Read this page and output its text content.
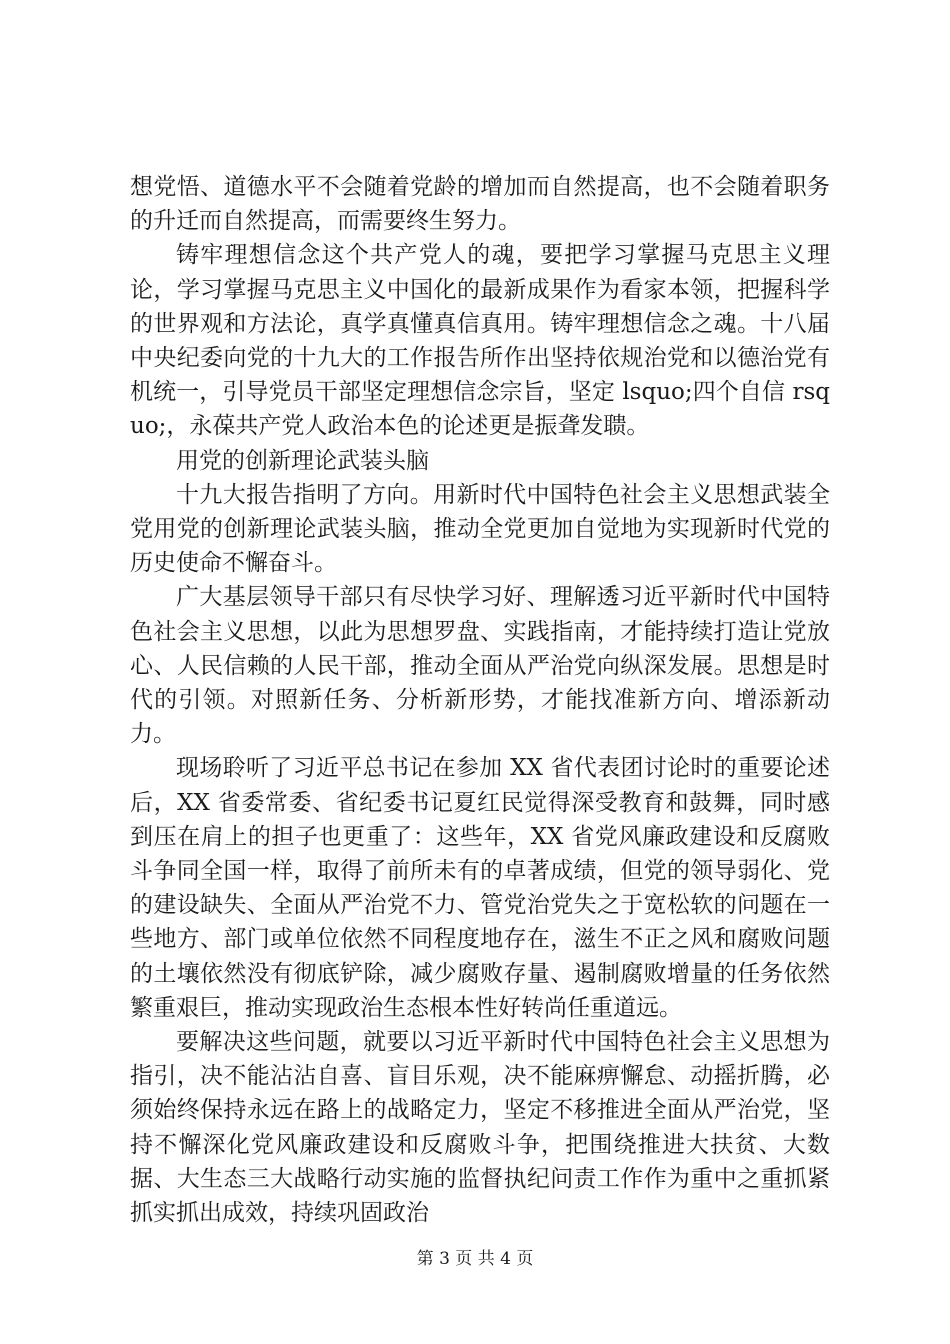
想党悟、道德水平不会随着党龄的增加而自然提高，也不会随着职务的升迁而自然提高，而需要终生努力。

铸牢理想信念这个共产党人的魂，要把学习掌握马克思主义理论，学习掌握马克思主义中国化的最新成果作为看家本领，把握科学的世界观和方法论，真学真懂真信真用。铸牢理想信念之魂。十八届中央纪委向党的十九大的工作报告所作出坚持依规治党和以德治党有机统一，引导党员干部坚定理想信念宗旨，坚定 lsquo;四个自信 rsquo;，永葆共产党人政治本色的论述更是振聋发聩。

用党的创新理论武装头脑

十九大报告指明了方向。用新时代中国特色社会主义思想武装全党用党的创新理论武装头脑，推动全党更加自觉地为实现新时代党的历史使命不懈奋斗。

广大基层领导干部只有尽快学习好、理解透习近平新时代中国特色社会主义思想，以此为思想罗盘、实践指南，才能持续打造让党放心、人民信赖的人民干部，推动全面从严治党向纵深发展。思想是时代的引领。对照新任务、分析新形势，才能找准新方向、增添新动力。

现场聆听了习近平总书记在参加 XX 省代表团讨论时的重要论述后，XX 省委常委、省纪委书记夏红民觉得深受教育和鼓舞，同时感到压在肩上的担子也更重了：这些年，XX 省党风廉政建设和反腐败斗争同全国一样，取得了前所未有的卓著成绩，但党的领导弱化、党的建设缺失、全面从严治党不力、管党治党失之于宽松软的问题在一些地方、部门或单位依然不同程度地存在，滋生不正之风和腐败问题的土壤依然没有彻底铲除，减少腐败存量、遏制腐败增量的任务依然繁重艰巨，推动实现政治生态根本性好转尚任重道远。

要解决这些问题，就要以习近平新时代中国特色社会主义思想为指引，决不能沾沾自喜、盲目乐观，决不能麻痹懈怠、动摇折腾，必须始终保持永远在路上的战略定力，坚定不移推进全面从严治党，坚持不懈深化党风廉政建设和反腐败斗争，把围绕推进大扶贫、大数据、大生态三大战略行动实施的监督执纪问责工作作为重中之重抓紧抓实抓出成效，持续巩固政治

第 3 页 共 4 页
